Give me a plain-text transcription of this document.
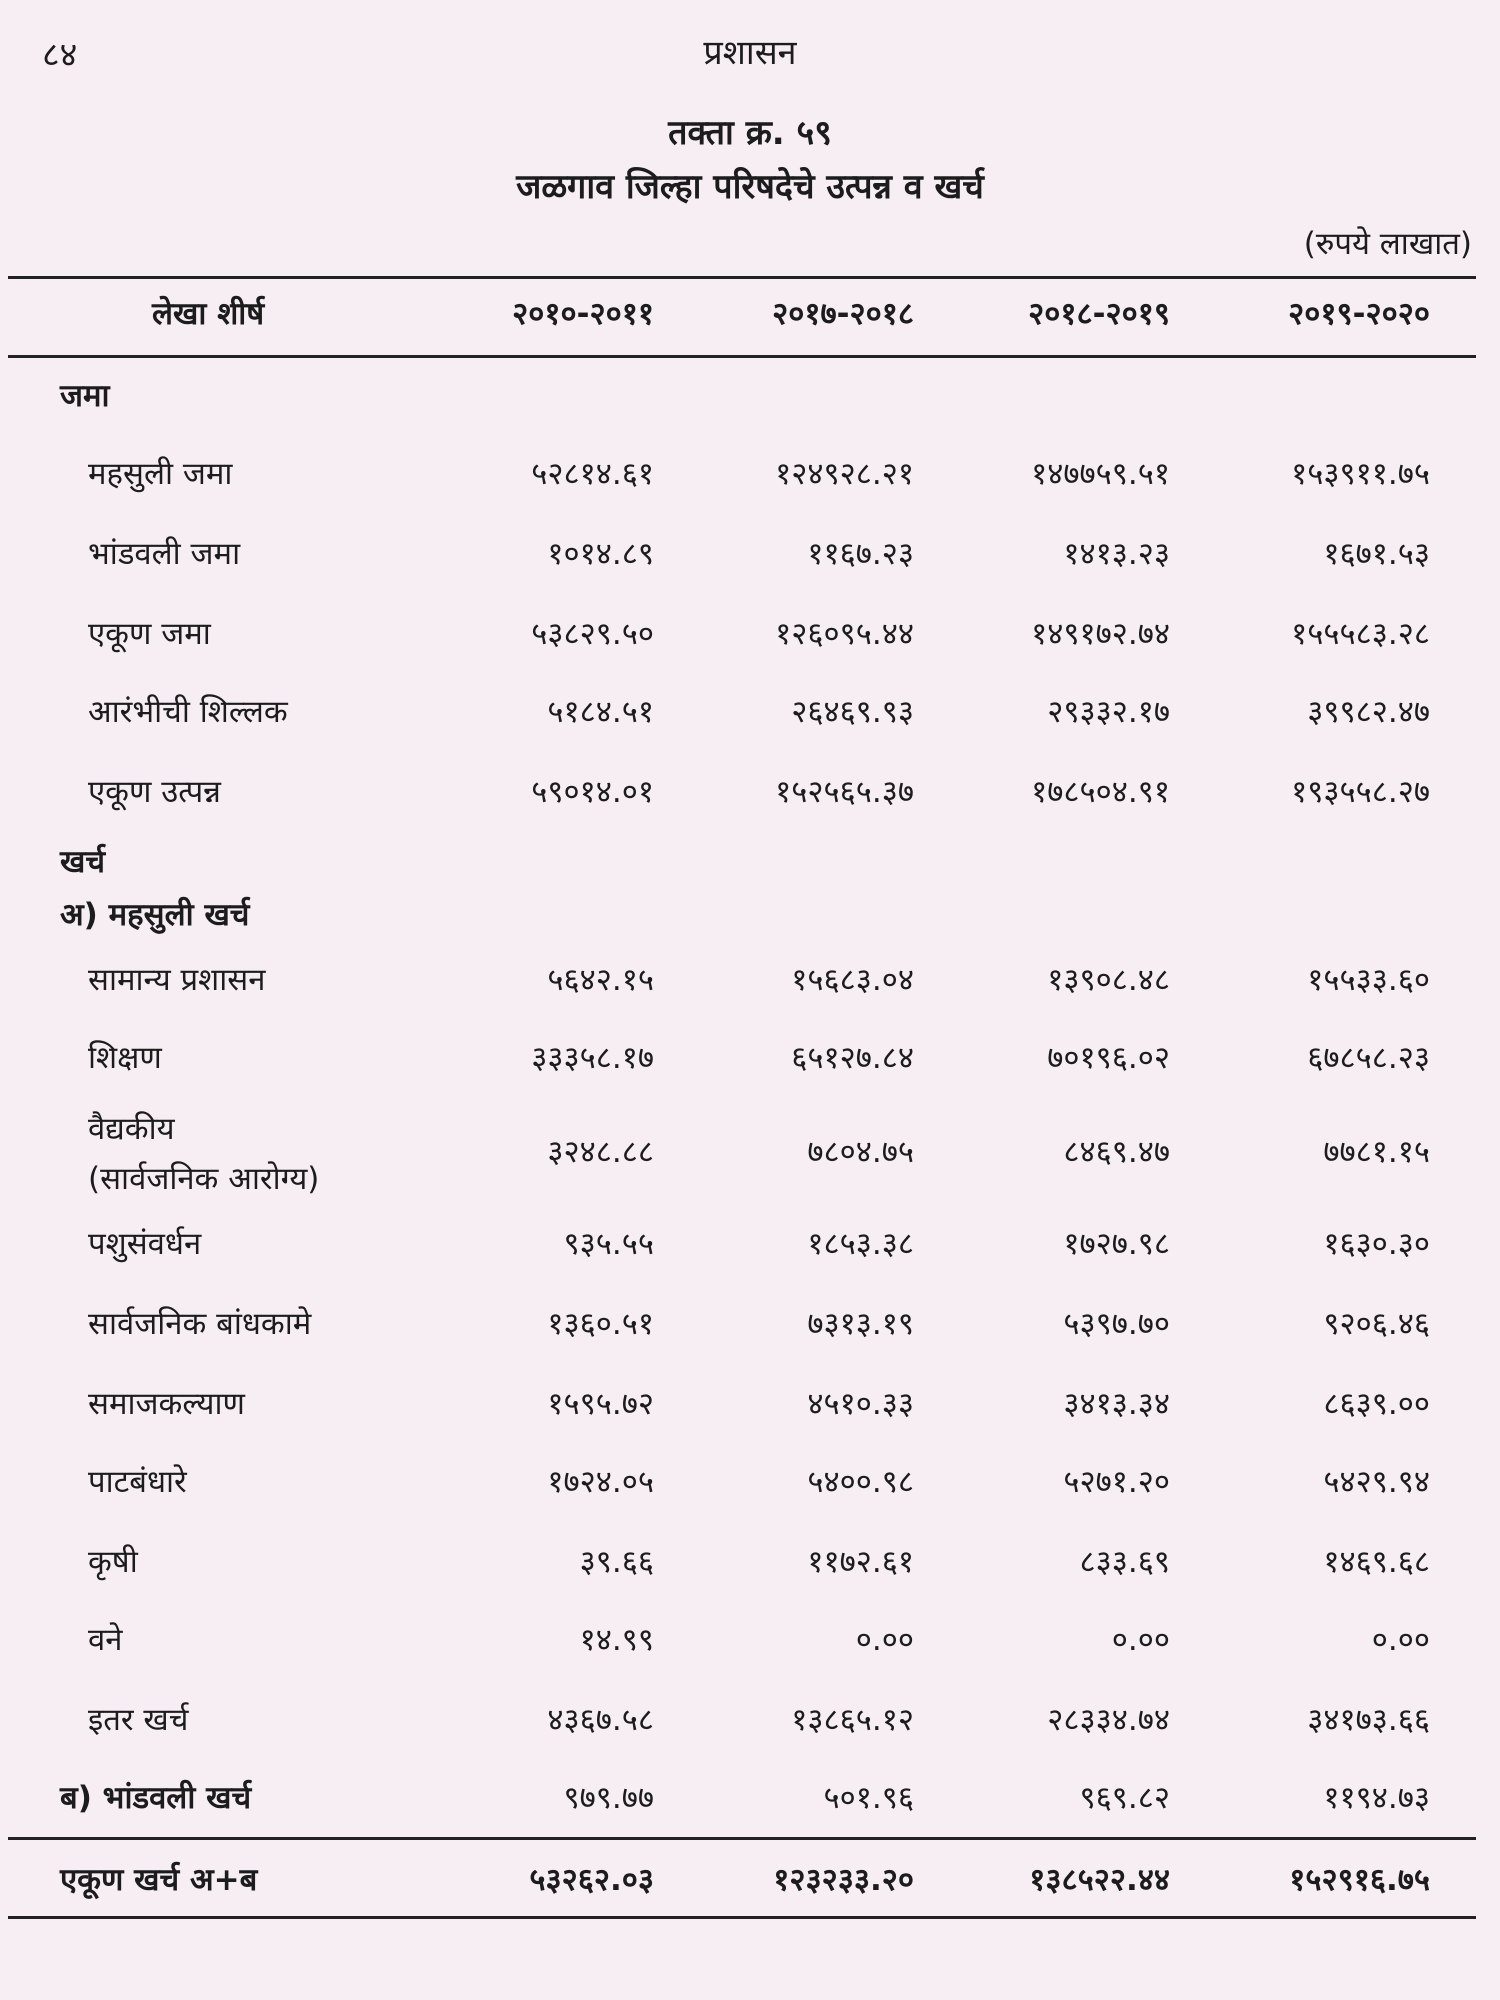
८४	प्रशासन
तक्ता क्र. ५९
जळगाव जिल्हा परिषदेचे उत्पन्न व खर्च
(रुपये लाखात)
लेखा शीर्ष	२०१०-२०११	२०१७-२०१८	२०१८-२०१९	२०१९-२०२०
जमा
महसुली जमा	५२८१४.६१	१२४९२८.२१	१४७७५९.५१	१५३९११.७५
भांडवली जमा	१०१४.८९	११६७.२३	१४१३.२३	१६७१.५३
एकूण जमा	५३८२९.५०	१२६०९५.४४	१४९१७२.७४	१५५५८३.२८
आरंभीची शिल्लक	५१८४.५१	२६४६९.९३	२९३३२.१७	३९९८२.४७
एकूण उत्पन्न	५९०१४.०१	१५२५६५.३७	१७८५०४.९१	१९३५५८.२७
खर्च
अ) महसुली खर्च
सामान्य प्रशासन	५६४२.१५	१५६८३.०४	१३९०८.४८	१५५३३.६०
शिक्षण	३३३५८.१७	६५१२७.८४	७०१९६.०२	६७८५८.२३
वैद्यकीय
(सार्वजनिक आरोग्य)
३२४८.८८	७८०४.७५	८४६९.४७	७७८१.१५
पशुसंवर्धन	९३५.५५	१८५३.३८	१७२७.९८	१६३०.३०
सार्वजनिक बांधकामे	१३६०.५१	७३१३.१९	५३९७.७०	९२०६.४६
समाजकल्याण	१५९५.७२	४५१०.३३	३४१३.३४	८६३९.००
पाटबंधारे	१७२४.०५	५४००.९८	५२७१.२०	५४२९.९४
कृषी	३९.६६	११७२.६१	८३३.६९	१४६९.६८
वने	१४.९९	०.००	०.००	०.००
इतर खर्च	४३६७.५८	१३८६५.१२	२८३३४.७४	३४१७३.६६
ब) भांडवली खर्च	९७९.७७	५०१.९६	९६९.८२	११९४.७३
एकूण खर्च अ+ब	५३२६२.०३	१२३२३३.२०	१३८५२२.४४	१५२९१६.७५
